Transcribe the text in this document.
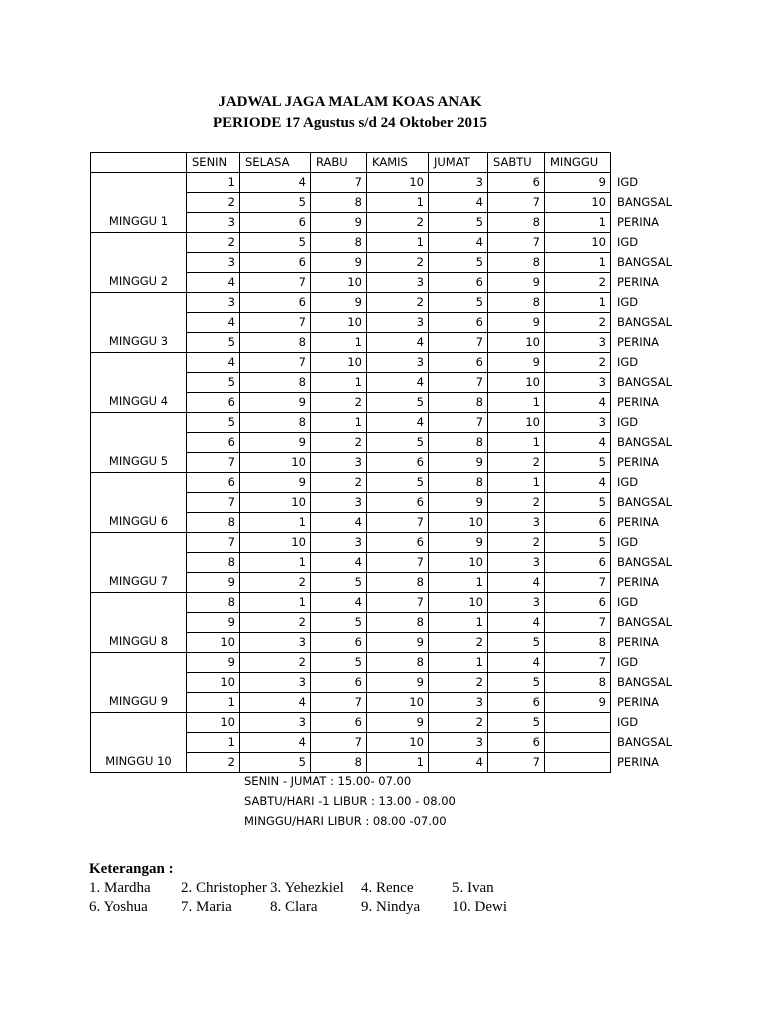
JADWAL JAGA MALAM KOAS ANAK
PERIODE 17 Agustus s/d 24 Oktober 2015
	SENIN	SELASA	RABU	KAMIS	JUMAT	SABTU	MINGGU	
MINGGU 1	1	4	7	10	3	6	9	IGD
	2	5	8	1	4	7	10	BANGSAL
	3	6	9	2	5	8	1	PERINA
MINGGU 2	2	5	8	1	4	7	10	IGD
	3	6	9	2	5	8	1	BANGSAL
	4	7	10	3	6	9	2	PERINA
MINGGU 3	3	6	9	2	5	8	1	IGD
	4	7	10	3	6	9	2	BANGSAL
	5	8	1	4	7	10	3	PERINA
MINGGU 4	4	7	10	3	6	9	2	IGD
	5	8	1	4	7	10	3	BANGSAL
	6	9	2	5	8	1	4	PERINA
MINGGU 5	5	8	1	4	7	10	3	IGD
	6	9	2	5	8	1	4	BANGSAL
	7	10	3	6	9	2	5	PERINA
MINGGU 6	6	9	2	5	8	1	4	IGD
	7	10	3	6	9	2	5	BANGSAL
	8	1	4	7	10	3	6	PERINA
MINGGU 7	7	10	3	6	9	2	5	IGD
	8	1	4	7	10	3	6	BANGSAL
	9	2	5	8	1	4	7	PERINA
MINGGU 8	8	1	4	7	10	3	6	IGD
	9	2	5	8	1	4	7	BANGSAL
	10	3	6	9	2	5	8	PERINA
MINGGU 9	9	2	5	8	1	4	7	IGD
	10	3	6	9	2	5	8	BANGSAL
	1	4	7	10	3	6	9	PERINA
MINGGU 10	10	3	6	9	2	5		IGD
	1	4	7	10	3	6		BANGSAL
	2	5	8	1	4	7		PERINA
SENIN - JUMAT : 15.00- 07.00
SABTU/HARI -1 LIBUR : 13.00 - 08.00
MINGGU/HARI LIBUR : 08.00 -07.00
Keterangan :
1. Mardha 2. Christopher 3. Yehezkiel 4. Rence	5. Ivan
6. Yoshua 7. Maria	8. Clara	9. Nindya 10. Dewi
